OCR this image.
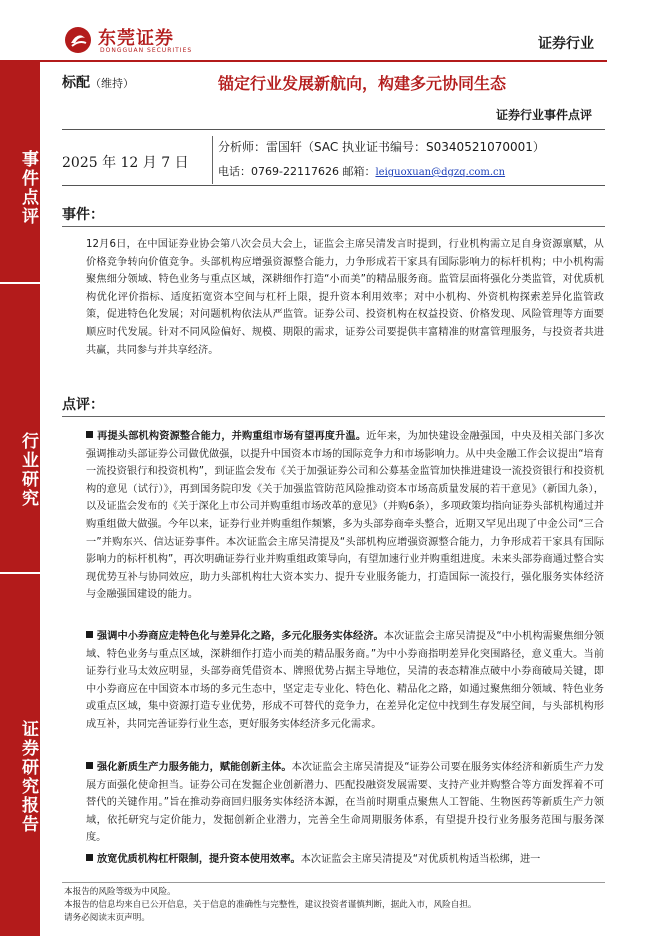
事件点评
行业研究
证券研究报告
东莞证券
DONGGUAN SECURITIES	证券行业
标配（维持）	锚定行业发展新航向，构建多元协同生态
证券行业事件点评
2025 年 12 月 7 日
分析师：雷国轩（SAC 执业证书编号：S0340521070001）
电话：0769-22117626 邮箱：leiguoxuan@dgzq.com.cn
事件：
12月6日，在中国证券业协会第八次会员大会上，证监会主席吴清发言时提到，行业机构需立足自身资源禀赋，从价格竞争转向价值竞争。头部机构应增强资源整合能力，力争形成若干家具有国际影响力的标杆机构；中小机构需聚焦细分领域、特色业务与重点区域，深耕细作打造“小而美”的精品服务商。监管层面将强化分类监管，对优质机构优化评价指标、适度拓宽资本空间与杠杆上限，提升资本利用效率；对中小机构、外资机构探索差异化监管政策，促进特色化发展；对问题机构依法从严监管。证券公司、投资机构在权益投资、价格发现、风险管理等方面要顺应时代发展。针对不同风险偏好、规模、期限的需求，证券公司要提供丰富精准的财富管理服务，与投资者共进共赢，共同参与并共享经济。
点评：
再提头部机构资源整合能力，并购重组市场有望再度升温。近年来，为加快建设金融强国，中央及相关部门多次强调推动头部证券公司做优做强，以提升中国资本市场的国际竞争力和市场影响力。从中央金融工作会议提出“培育一流投资银行和投资机构”，到证监会发布《关于加强证券公司和公募基金监管加快推进建设一流投资银行和投资机构的意见（试行）》，再到国务院印发《关于加强监管防范风险推动资本市场高质量发展的若干意见》（新国九条），以及证监会发布的《关于深化上市公司并购重组市场改革的意见》（并购6条），多项政策均指向证券头部机构通过并购重组做大做强。今年以来，证券行业并购重组作频繁，多为头部券商牵头整合，近期又罕见出现了中金公司“三合一”并购东兴、信达证券事件。本次证监会主席吴清提及“头部机构应增强资源整合能力，力争形成若干家具有国际影响力的标杆机构”，再次明确证券行业并购重组政策导向，有望加速行业并购重组进度。未来头部券商通过整合实现优势互补与协同效应，助力头部机构壮大资本实力、提升专业服务能力，打造国际一流投行，强化服务实体经济与金融强国建设的能力。
强调中小券商应走特色化与差异化之路，多元化服务实体经济。本次证监会主席吴清提及“中小机构需聚焦细分领域、特色业务与重点区域，深耕细作打造小而美的精品服务商。”为中小券商指明差异化突围路径，意义重大。当前证券行业马太效应明显，头部券商凭借资本、牌照优势占据主导地位，吴清的表态精准点破中小券商破局关键，即中小券商应在中国资本市场的多元生态中，坚定走专业化、特色化、精品化之路，如通过聚焦细分领域、特色业务或重点区域，集中资源打造专业优势，形成不可替代的竞争力，在差异化定位中找到生存发展空间，与头部机构形成互补，共同完善证券行业生态，更好服务实体经济多元化需求。
强化新质生产力服务能力，赋能创新主体。本次证监会主席吴清提及“证券公司要在服务实体经济和新质生产力发展方面强化使命担当。证券公司在发掘企业创新潜力、匹配投融资发展需要、支持产业并购整合等方面发挥着不可替代的关键作用。”旨在推动券商回归服务实体经济本源，在当前时期重点聚焦人工智能、生物医药等新质生产力领域，依托研究与定价能力，发掘创新企业潜力，完善全生命周期服务体系，有望提升投行业务服务范围与服务深度。
放宽优质机构杠杆限制，提升资本使用效率。本次证监会主席吴清提及“对优质机构适当松绑，进一
本报告的风险等级为中风险。
本报告的信息均来自已公开信息，关于信息的准确性与完整性，建议投资者谨慎判断，据此入市，风险自担。
请务必阅读末页声明。
